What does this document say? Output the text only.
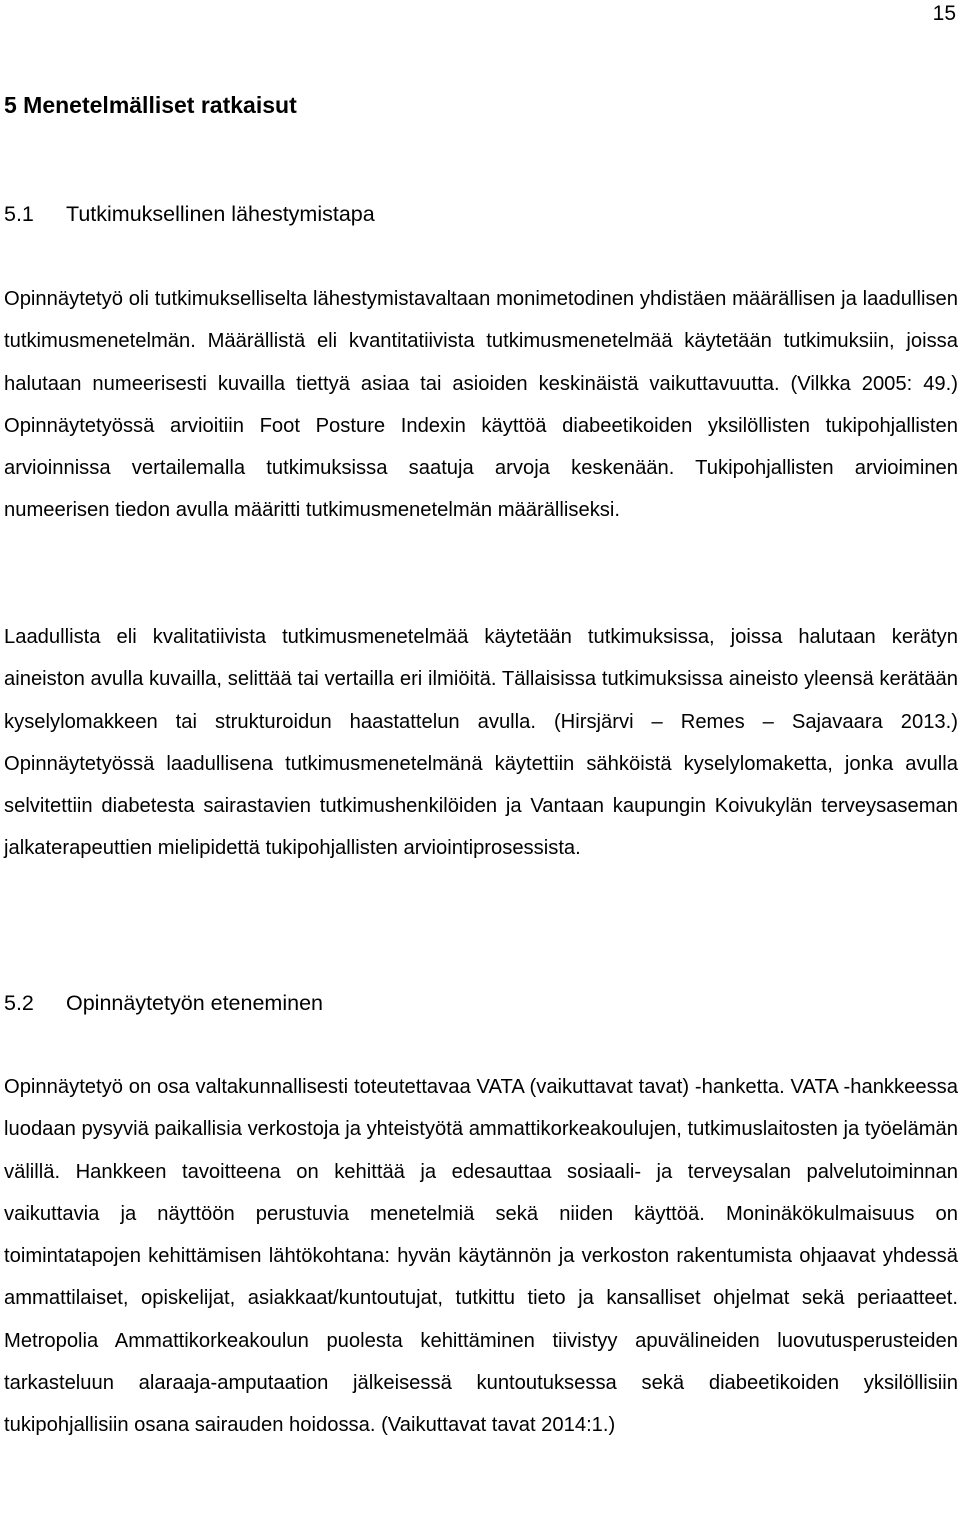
15
5 Menetelmälliset ratkaisut
5.1 Tutkimuksellinen lähestymistapa

Opinnäytetyö oli tutkimukselliselta lähestymistavaltaan monimetodinen yhdistäen määrällisen ja laadullisen tutkimusmenetelmän. Määrällistä eli kvantitatiivista tutkimusmenetelmää käytetään tutkimuksiin, joissa halutaan numeerisesti kuvailla tiettyä asiaa tai asioiden keskinäistä vaikuttavuutta. (Vilkka 2005: 49.) Opinnäytetyössä arvioitiin Foot Posture Indexin käyttöä diabeetikoiden yksilöllisten tukipohjallisten arvioinnissa vertailemalla tutkimuksissa saatuja arvoja keskenään. Tukipohjallisten arvioiminen numeerisen tiedon avulla määritti tutkimusmenetelmän määrälliseksi.

Laadullista eli kvalitatiivista tutkimusmenetelmää käytetään tutkimuksissa, joissa halutaan kerätyn aineiston avulla kuvailla, selittää tai vertailla eri ilmiöitä. Tällaisissa tutkimuksissa aineisto yleensä kerätään kyselylomakkeen tai strukturoidun haastattelun avulla. (Hirsjärvi ‒ Remes ‒ Sajavaara 2013.) Opinnäytetyössä laadullisena tutkimusmenetelmänä käytettiin sähköistä kyselylomaketta, jonka avulla selvitettiin diabetesta sairastavien tutkimushenkilöiden ja Vantaan kaupungin Koivukylän terveysaseman jalkaterapeuttien mielipidettä tukipohjallisten arviointiprosessista.

5.2 Opinnäytetyön eteneminen

Opinnäytetyö on osa valtakunnallisesti toteutettavaa VATA (vaikuttavat tavat) -hanketta. VATA -hankkeessa luodaan pysyviä paikallisia verkostoja ja yhteistyötä ammattikorkeakoulujen, tutkimuslaitosten ja työelämän välillä. Hankkeen tavoitteena on kehittää ja edesauttaa sosiaali- ja terveysalan palvelutoiminnan vaikuttavia ja näyttöön perustuvia menetelmiä sekä niiden käyttöä. Moninäkökulmaisuus on toimintatapojen kehittämisen lähtökohtana: hyvän käytännön ja verkoston rakentumista ohjaavat yhdessä ammattilaiset, opiskelijat, asiakkaat/kuntoutujat, tutkittu tieto ja kansalliset ohjelmat sekä periaatteet. Metropolia Ammattikorkeakoulun puolesta kehittäminen tiivistyy apuvälineiden luovutusperusteiden tarkasteluun alaraaja-amputaation jälkeisessä kuntoutuksessa sekä diabeetikoiden yksilöllisiin tukipohjallisiin osana sairauden hoidossa. (Vaikuttavat tavat 2014:1.)
